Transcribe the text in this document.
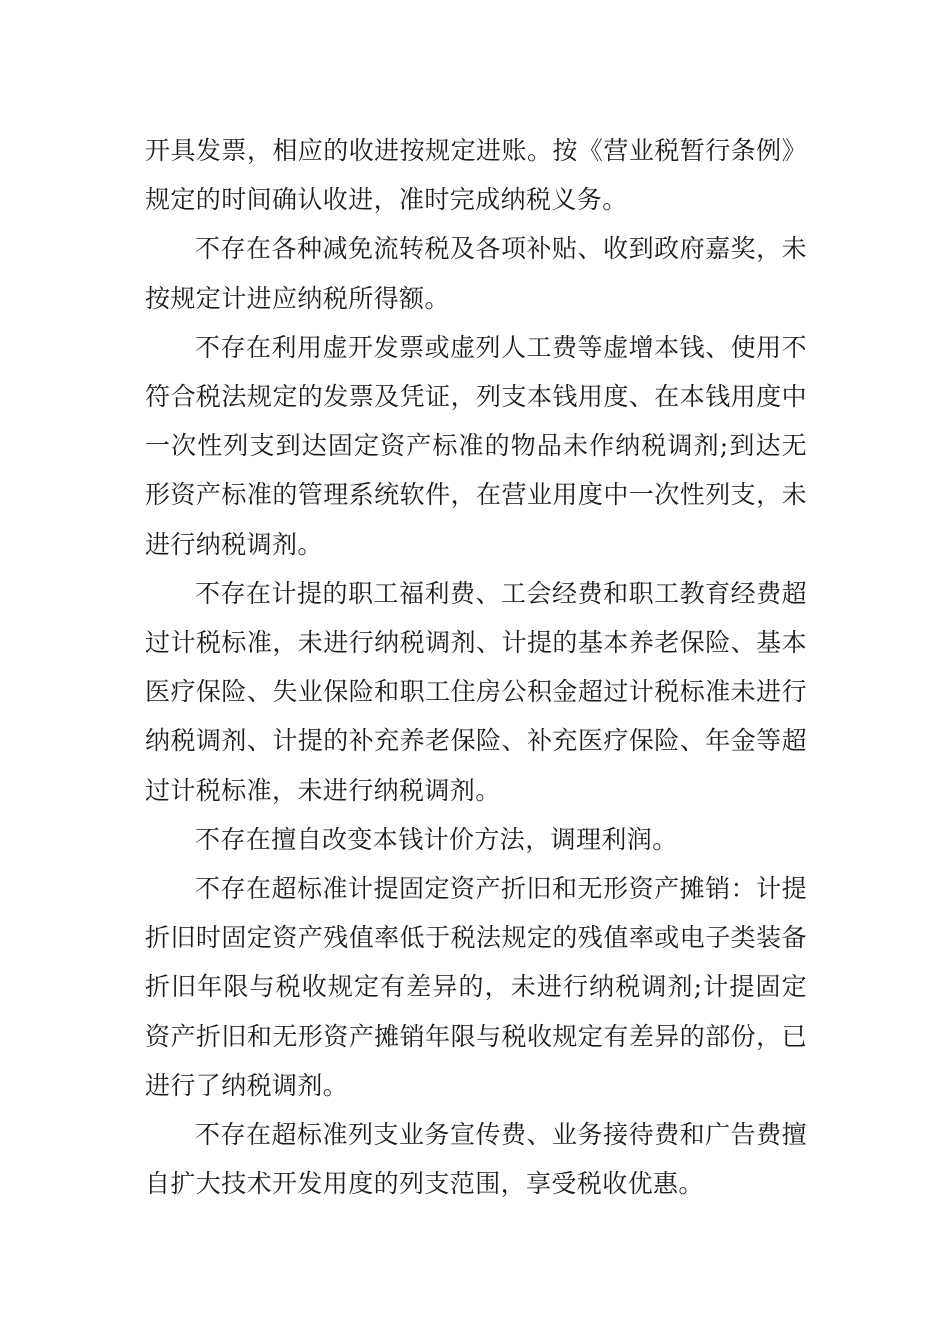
开具发票，相应的收进按规定进账。按《营业税暂行条例》规定的时间确认收进，准时完成纳税义务。

不存在各种减免流转税及各项补贴、收到政府嘉奖，未按规定计进应纳税所得额。

不存在利用虚开发票或虚列人工费等虚增本钱、使用不符合税法规定的发票及凭证，列支本钱用度、在本钱用度中一次性列支到达固定资产标准的物品未作纳税调剂;到达无形资产标准的管理系统软件，在营业用度中一次性列支，未进行纳税调剂。

不存在计提的职工福利费、工会经费和职工教育经费超过计税标准，未进行纳税调剂、计提的基本养老保险、基本医疗保险、失业保险和职工住房公积金超过计税标准未进行纳税调剂、计提的补充养老保险、补充医疗保险、年金等超过计税标准，未进行纳税调剂。

不存在擅自改变本钱计价方法，调理利润。

不存在超标准计提固定资产折旧和无形资产摊销：计提折旧时固定资产残值率低于税法规定的残值率或电子类装备折旧年限与税收规定有差异的，未进行纳税调剂;计提固定资产折旧和无形资产摊销年限与税收规定有差异的部份，已进行了纳税调剂。

不存在超标准列支业务宣传费、业务接待费和广告费擅自扩大技术开发用度的列支范围，享受税收优惠。
